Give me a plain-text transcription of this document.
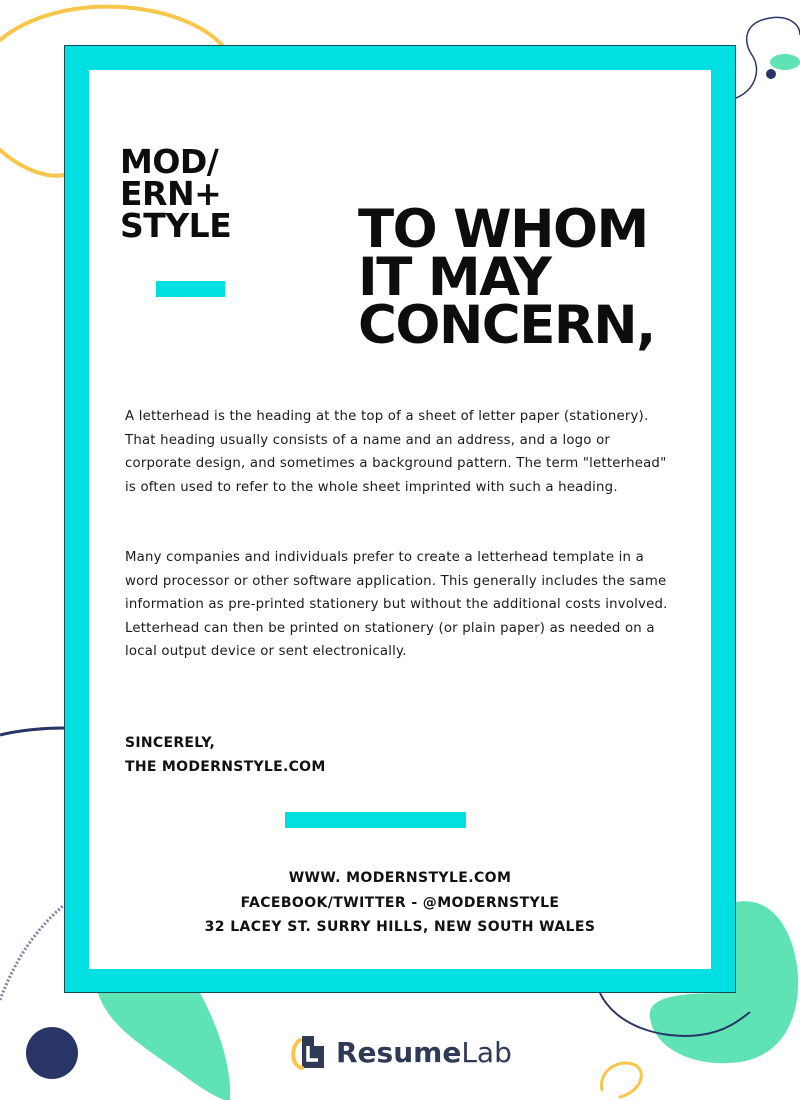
MOD/
ERN+
STYLE TO WHOM
IT MAY
CONCERN,

A letterhead is the heading at the top of a sheet of letter paper (stationery). That heading usually consists of a name and an address, and a logo or corporate design, and sometimes a background pattern. The term "letterhead" is often used to refer to the whole sheet imprinted with such a heading.

Many companies and individuals prefer to create a letterhead template in a word processor or other software application. This generally includes the same information as pre-printed stationery but without the additional costs involved. Letterhead can then be printed on stationery (or plain paper) as needed on a local output device or sent electronically.

SINCERELY,
THE MODERNSTYLE.COM
WWW. MODERNSTYLE.COM
FACEBOOK/TWITTER - @MODERNSTYLE
32 LACEY ST. SURRY HILLS, NEW SOUTH WALES
ResumeLab
